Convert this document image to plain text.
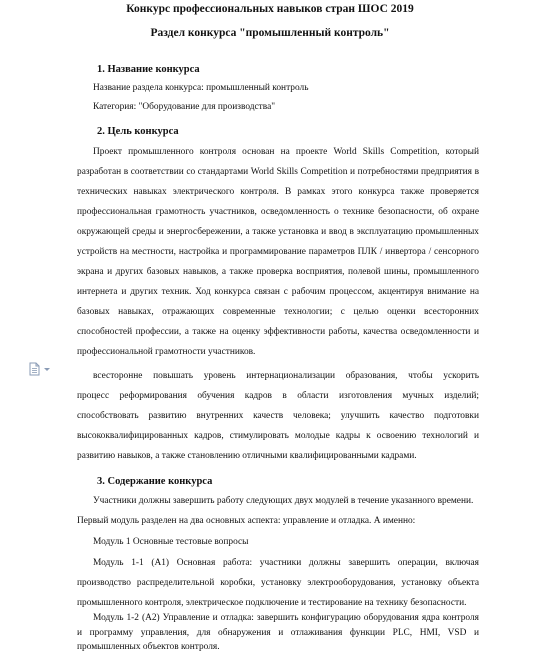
Конкурс профессиональных навыков стран ШОС 2019
Раздел конкурса "промышленный контроль"
1. Название конкурса
Название раздела конкурса: промышленный контроль
Категория: "Оборудование для производства"
2. Цель конкурса
Проект промышленного контроля основан на проекте World Skills Competition, который
разработан в соответствии со стандартами World Skills Competition и потребностями предприятия в
технических навыках электрического контроля. В рамках этого конкурса также проверяется
профессиональная грамотность участников, осведомленность о технике безопасности, об охране
окружающей среды и энергосбережении, а также установка и ввод в эксплуатацию промышленных
устройств на местности, настройка и программирование параметров ПЛК / инвертора / сенсорного
экрана и других базовых навыков, а также проверка восприятия, полевой шины, промышленного
интернета и других техник. Ход конкурса связан с рабочим процессом, акцентируя внимание на
базовых навыках, отражающих современные технологии; с целью оценки всесторонних
способностей профессии, а также на оценку эффективности работы, качества осведомленности и
профессиональной грамотности участников.
всесторонне повышать уровень интернационализации образования, чтобы ускорить
процесс реформирования обучения кадров в области изготовления мучных изделий;
способствовать развитию внутренних качеств человека; улучшить качество подготовки
высококвалифицированных кадров, стимулировать молодые кадры к освоению технологий и
развитию навыков, а также становлению отличными квалифицированными кадрами.
3. Содержание конкурса
Участники должны завершить работу следующих двух модулей в течение указанного времени.
Первый модуль разделен на два основных аспекта: управление и отладка. А именно:
Модуль 1 Основные тестовые вопросы
Модуль 1-1 (A1) Основная работа: участники должны завершить операции, включая
производство распределительной коробки, установку электрооборудования, установку объекта
промышленного контроля, электрическое подключение и тестирование на технику безопасности.
Модуль 1-2 (A2) Управление и отладка: завершить конфигурацию оборудования ядра контроля
и программу управления, для обнаружения и отлаживания функции PLC, HMI, VSD и
промышленных объектов контроля.
